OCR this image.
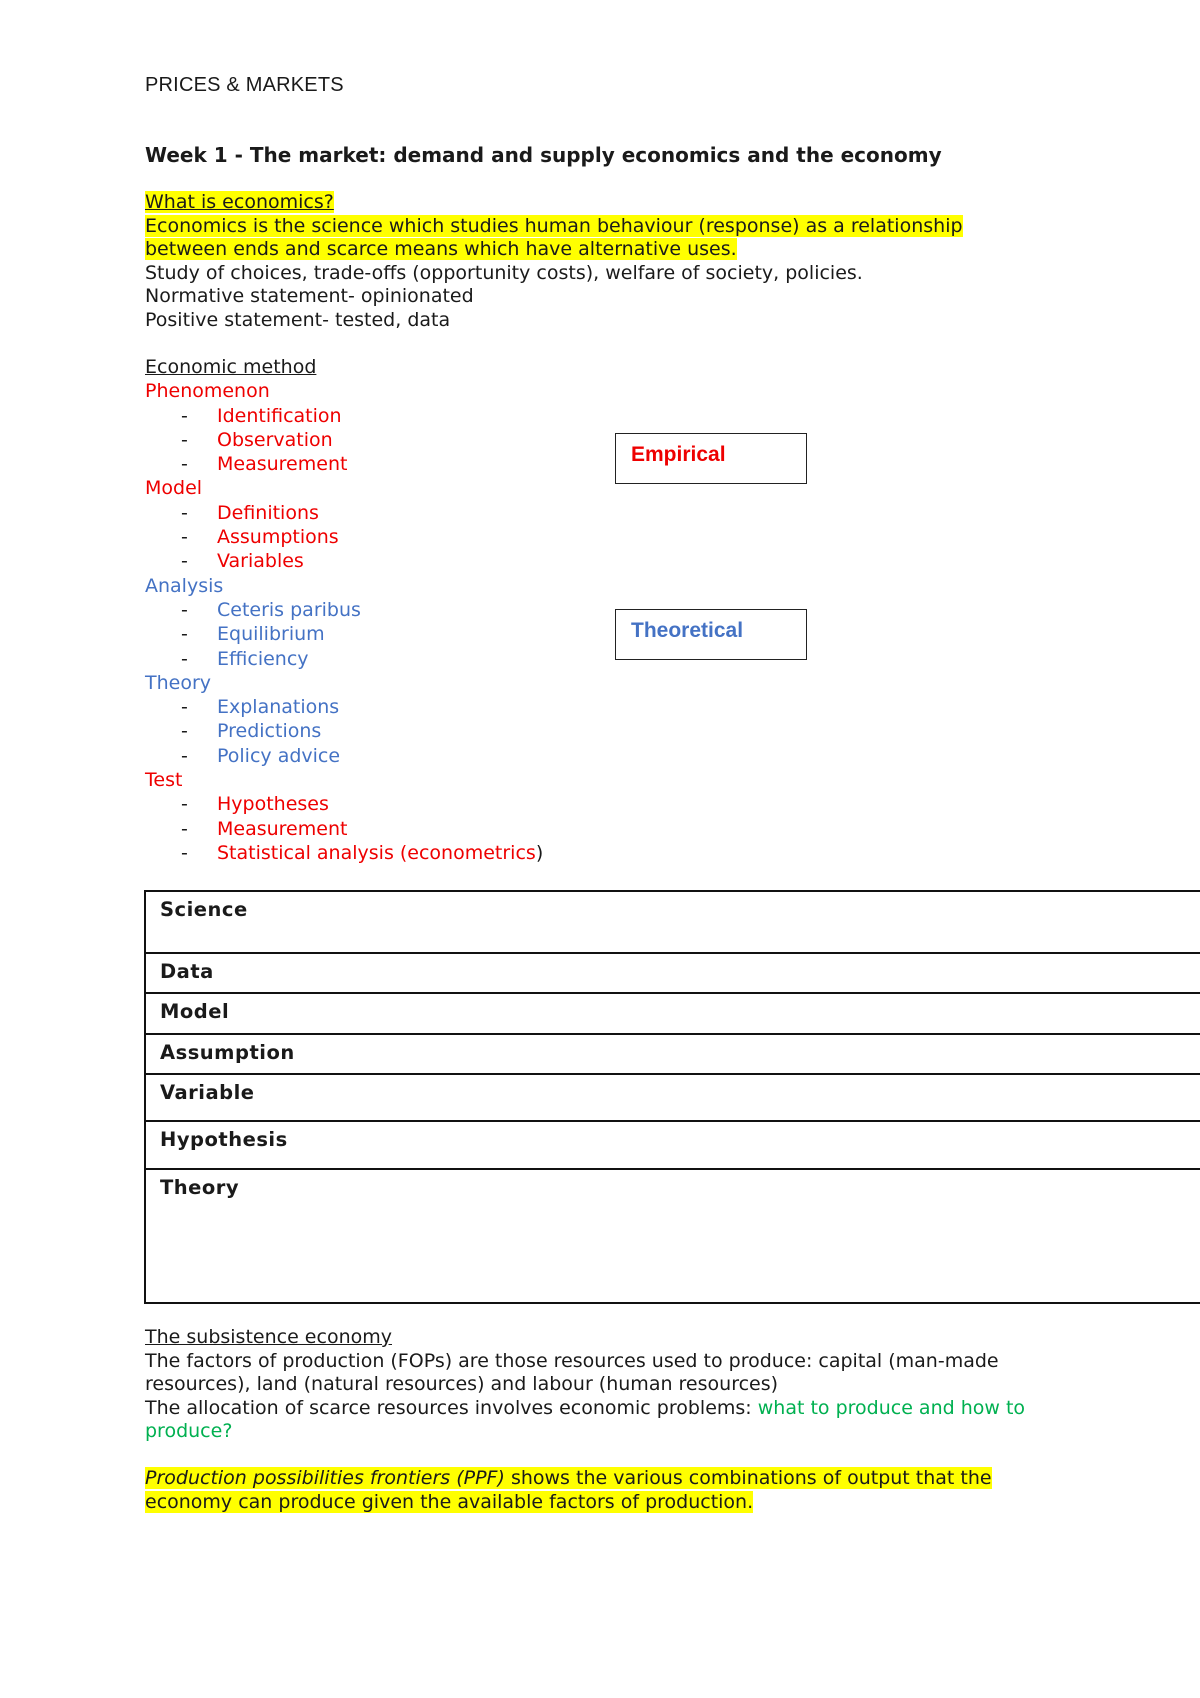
PRICES & MARKETS
Week 1 - The market: demand and supply economics and the economy
What is economics?
Economics is the science which studies human behaviour (response) as a relationship
between ends and scarce means which have alternative uses.
Study of choices, trade-offs (opportunity costs), welfare of society, policies.
Normative statement- opinionated
Positive statement- tested, data
Economic method
Phenomenon
- Identification
- Observation
- Measurement
Model
- Definitions
- Assumptions
- Variables
Analysis
- Ceteris paribus
- Equilibrium
- Efficiency
Theory
- Explanations
- Predictions
- Policy advice
Test
- Hypotheses
- Measurement
- Statistical analysis (econometrics)
Empirical
Theoretical
Science
Data
Model
Assumption
Variable
Hypothesis
Theory
The subsistence economy
The factors of production (FOPs) are those resources used to produce: capital (man-made resources), land (natural resources) and labour (human resources)
The allocation of scarce resources involves economic problems: what to produce and how to produce?
Production possibilities frontiers (PPF) shows the various combinations of output that the economy can produce given the available factors of production.
